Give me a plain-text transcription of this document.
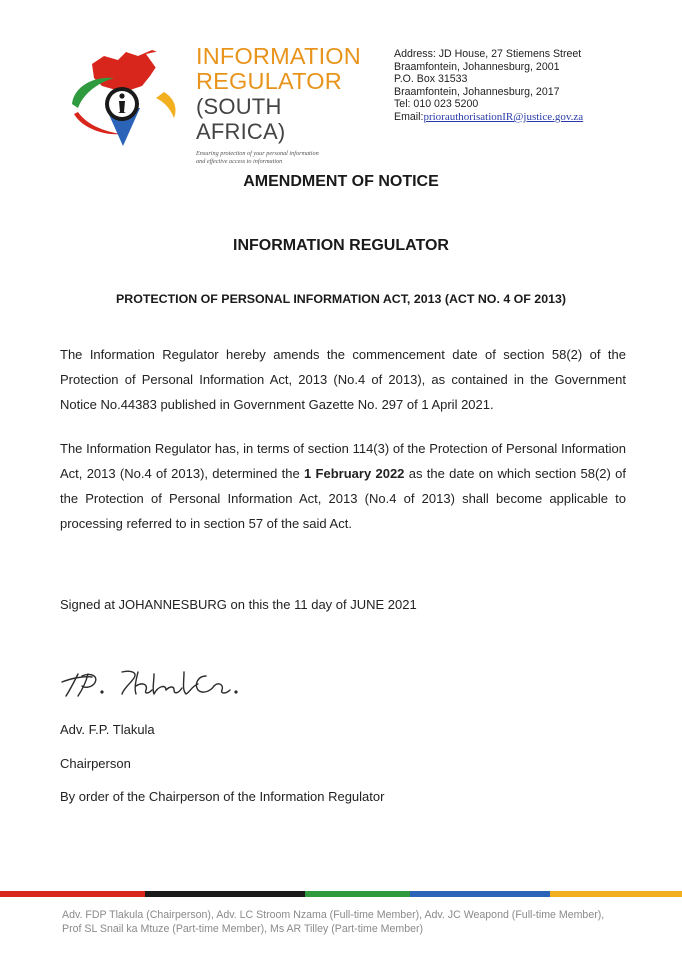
INFORMATION
REGULATOR
(SOUTH AFRICA)
Ensuring protection of your personal information
and effective access to information
Address: JD House, 27 Stiemens Street
Braamfontein, Johannesburg, 2001
P.O. Box 31533
Braamfontein, Johannesburg, 2017
Tel: 010 023 5200
Email:priorauthorisationIR@justice.gov.za
AMENDMENT OF NOTICE
INFORMATION REGULATOR
PROTECTION OF PERSONAL INFORMATION ACT, 2013 (ACT NO. 4 OF 2013)
The Information Regulator hereby amends the commencement date of section 58(2) of the Protection of Personal Information Act, 2013 (No.4 of 2013), as contained in the Government Notice No.44383 published in Government Gazette No. 297 of 1 April 2021.
The Information Regulator has, in terms of section 114(3) of the Protection of Personal Information Act, 2013 (No.4 of 2013), determined the 1 February 2022 as the date on which section 58(2) of the Protection of Personal Information Act, 2013 (No.4 of 2013) shall become applicable to processing referred to in section 57 of the said Act.
Signed at JOHANNESBURG on this the 11 day of JUNE 2021
Adv. F.P. Tlakula
Chairperson
By order of the Chairperson of the Information Regulator
Adv. FDP Tlakula (Chairperson), Adv. LC Stroom Nzama (Full-time Member), Adv. JC Weapond (Full-time Member), Prof SL Snail ka Mtuze (Part-time Member), Ms AR Tilley (Part-time Member)
